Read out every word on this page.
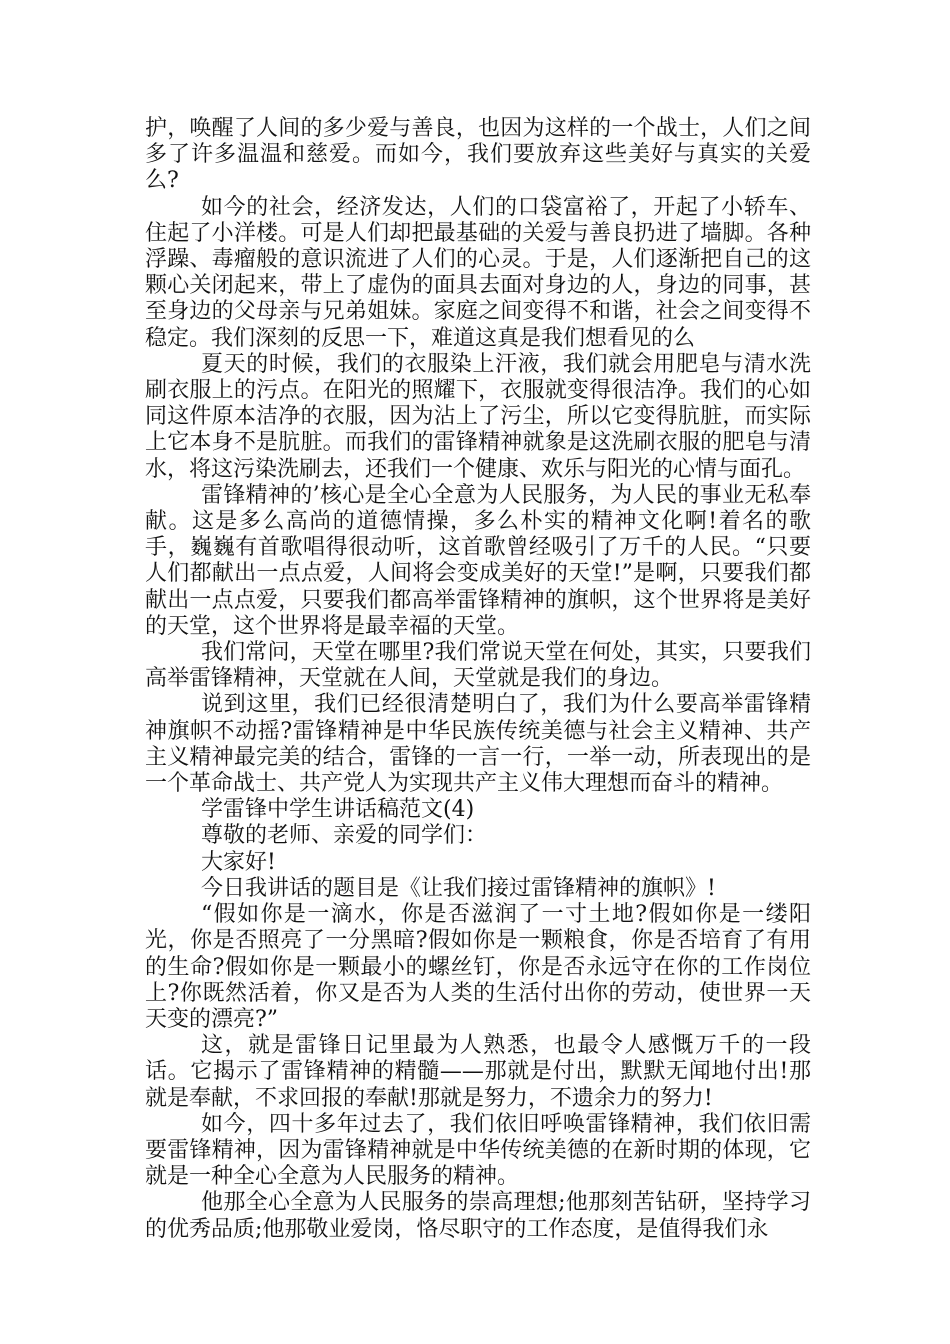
护，唤醒了人间的多少爱与善良，也因为这样的一个战士，人们之间多了许多温温和慈爱。而如今，我们要放弃这些美好与真实的关爱么?

如今的社会，经济发达，人们的口袋富裕了，开起了小轿车、住起了小洋楼。可是人们却把最基础的关爱与善良扔进了墙脚。各种浮躁、毒瘤般的意识流进了人们的心灵。于是，人们逐渐把自己的这颗心关闭起来，带上了虚伪的面具去面对身边的人，身边的同事，甚至身边的父母亲与兄弟姐妹。家庭之间变得不和谐，社会之间变得不稳定。我们深刻的反思一下，难道这真是我们想看见的么

夏天的时候，我们的衣服染上汗液，我们就会用肥皂与清水洗刷衣服上的污点。在阳光的照耀下，衣服就变得很洁净。我们的心如同这件原本洁净的衣服，因为沾上了污尘，所以它变得肮脏，而实际上它本身不是肮脏。而我们的雷锋精神就象是这洗刷衣服的肥皂与清水，将这污染洗刷去，还我们一个健康、欢乐与阳光的心情与面孔。

雷锋精神的’核心是全心全意为人民服务，为人民的事业无私奉献。这是多么高尚的道德情操，多么朴实的精神文化啊!着名的歌手，巍巍有首歌唱得很动听，这首歌曾经吸引了万千的人民。“只要人们都献出一点点爱，人间将会变成美好的天堂!”是啊，只要我们都献出一点点爱，只要我们都高举雷锋精神的旗帜，这个世界将是美好的天堂，这个世界将是最幸福的天堂。

我们常问，天堂在哪里?我们常说天堂在何处，其实，只要我们高举雷锋精神，天堂就在人间，天堂就是我们的身边。

说到这里，我们已经很清楚明白了，我们为什么要高举雷锋精神旗帜不动摇?雷锋精神是中华民族传统美德与社会主义精神、共产主义精神最完美的结合，雷锋的一言一行，一举一动，所表现出的是一个革命战士、共产党人为实现共产主义伟大理想而奋斗的精神。

学雷锋中学生讲话稿范文(4)

尊敬的老师、亲爱的同学们：

大家好!

今日我讲话的题目是《让我们接过雷锋精神的旗帜》!

“假如你是一滴水，你是否滋润了一寸土地?假如你是一缕阳光，你是否照亮了一分黑暗?假如你是一颗粮食，你是否培育了有用的生命?假如你是一颗最小的螺丝钉，你是否永远守在你的工作岗位上?你既然活着，你又是否为人类的生活付出你的劳动，使世界一天天变的漂亮?”

这，就是雷锋日记里最为人熟悉，也最令人感慨万千的一段话。它揭示了雷锋精神的精髓——那就是付出，默默无闻地付出!那就是奉献，不求回报的奉献!那就是努力，不遗余力的努力!

如今，四十多年过去了，我们依旧呼唤雷锋精神，我们依旧需要雷锋精神，因为雷锋精神就是中华传统美德的在新时期的体现，它就是一种全心全意为人民服务的精神。

他那全心全意为人民服务的崇高理想;他那刻苦钻研，坚持学习的优秀品质;他那敬业爱岗，恪尽职守的工作态度，是值得我们永
